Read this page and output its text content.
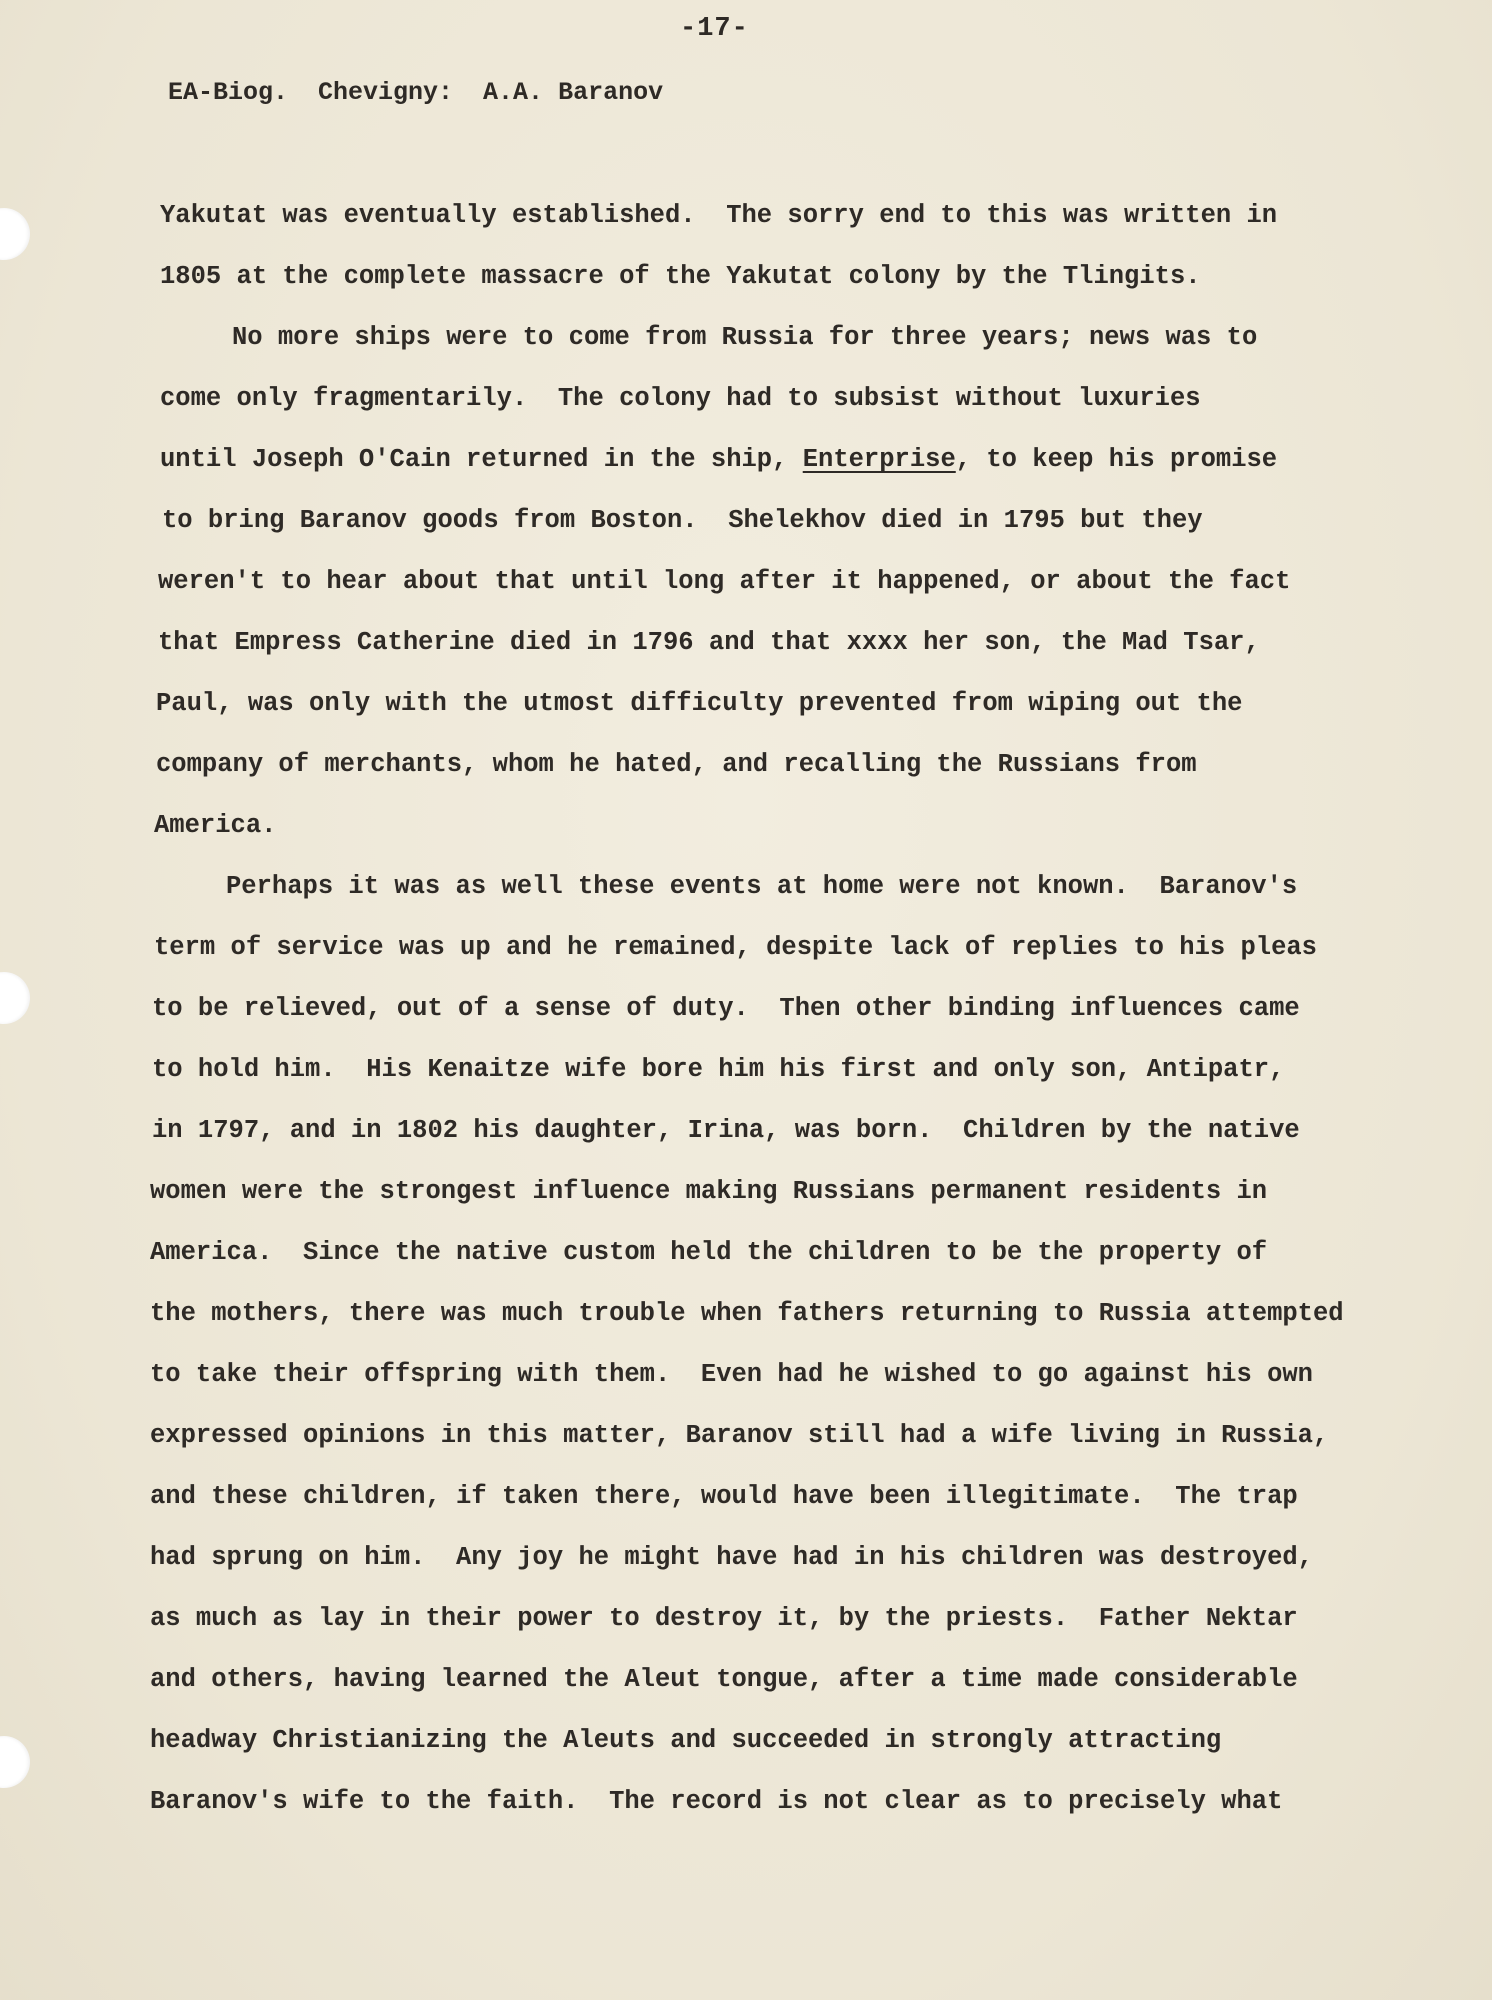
-17-
EA-Biog.  Chevigny:  A.A. Baranov
Yakutat was eventually established.  The sorry end to this was written in
1805 at the complete massacre of the Yakutat colony by the Tlingits.
No more ships were to come from Russia for three years; news was to
come only fragmentarily.  The colony had to subsist without luxuries
until Joseph O'Cain returned in the ship, Enterprise, to keep his promise
to bring Baranov goods from Boston.  Shelekhov died in 1795 but they
weren't to hear about that until long after it happened, or about the fact
that Empress Catherine died in 1796 and that xxxx her son, the Mad Tsar,
Paul, was only with the utmost difficulty prevented from wiping out the
company of merchants, whom he hated, and recalling the Russians from
America.
Perhaps it was as well these events at home were not known.  Baranov's
term of service was up and he remained, despite lack of replies to his pleas
to be relieved, out of a sense of duty.  Then other binding influences came
to hold him.  His Kenaitze wife bore him his first and only son, Antipatr,
in 1797, and in 1802 his daughter, Irina, was born.  Children by the native
women were the strongest influence making Russians permanent residents in
America.  Since the native custom held the children to be the property of
the mothers, there was much trouble when fathers returning to Russia attempted
to take their offspring with them.  Even had he wished to go against his own
expressed opinions in this matter, Baranov still had a wife living in Russia,
and these children, if taken there, would have been illegitimate.  The trap
had sprung on him.  Any joy he might have had in his children was destroyed,
as much as lay in their power to destroy it, by the priests.  Father Nektar
and others, having learned the Aleut tongue, after a time made considerable
headway Christianizing the Aleuts and succeeded in strongly attracting
Baranov's wife to the faith.  The record is not clear as to precisely what
